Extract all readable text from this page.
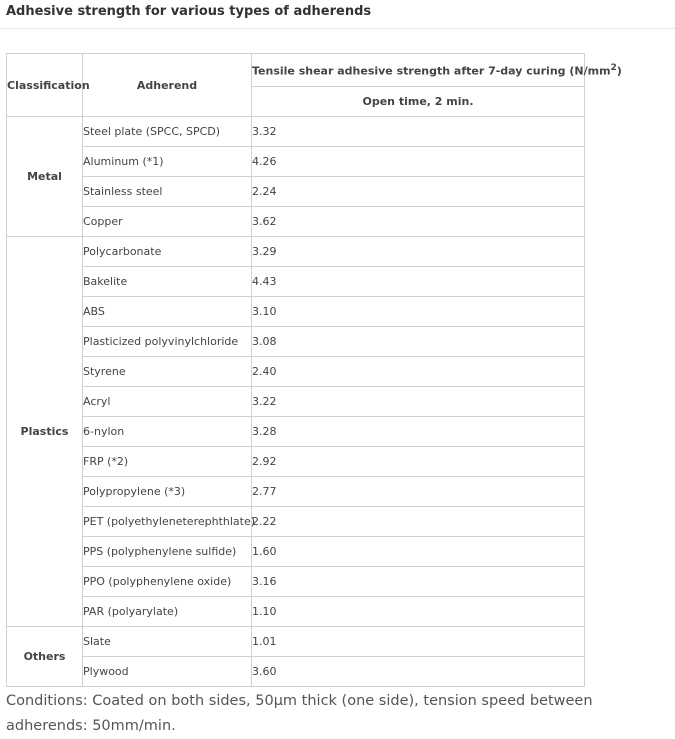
Adhesive strength for various types of adherends
Classification	Adherend	Tensile shear adhesive strength after 7-day curing $(N/mm^2)$
		Open time, 2 min.
Metal	Steel plate (SPCC, SPCD)	3.32
	Aluminum (*1)	4.26
	Stainless steel	2.24
	Copper	3.62
Plastics	Polycarbonate	3.29
	Bakelite	4.43
	ABS	3.10
	Plasticized polyvinylchloride	3.08
	Styrene	2.40
	Acryl	3.22
	6-nylon	3.28
	FRP (*2)	2.92
	Polypropylene (*3)	2.77
	PET (polyethyleneterephthlate)	2.22
	PPS (polyphenylene sulfide)	1.60
	PPO (polyphenylene oxide)	3.16
	PAR (polyarylate)	1.10
Others	Slate	1.01
	Plywood	3.60
Conditions: Coated on both sides, 50µm thick (one side), tension speed between adherends: 50mm/min.
